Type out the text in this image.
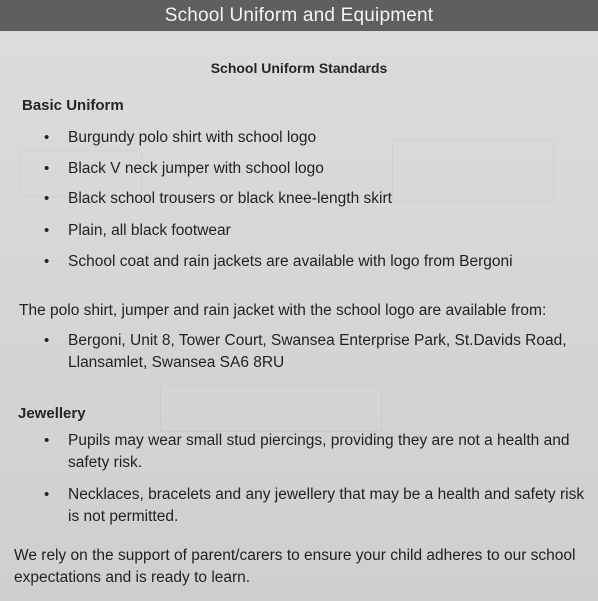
School Uniform and Equipment
School Uniform Standards
Basic Uniform
• Burgundy polo shirt with school logo
• Black V neck jumper with school logo
• Black school trousers or black knee-length skirt
• Plain, all black footwear
• School coat and rain jackets are available with logo from Bergoni
The polo shirt, jumper and rain jacket with the school logo are available from:
• Bergoni, Unit 8, Tower Court, Swansea Enterprise Park, St.Davids Road, Llansamlet, Swansea SA6 8RU
Jewellery
• Pupils may wear small stud piercings, providing they are not a health and safety risk.
• Necklaces, bracelets and any jewellery that may be a health and safety risk is not permitted.
We rely on the support of parent/carers to ensure your child adheres to our school expectations and is ready to learn.
